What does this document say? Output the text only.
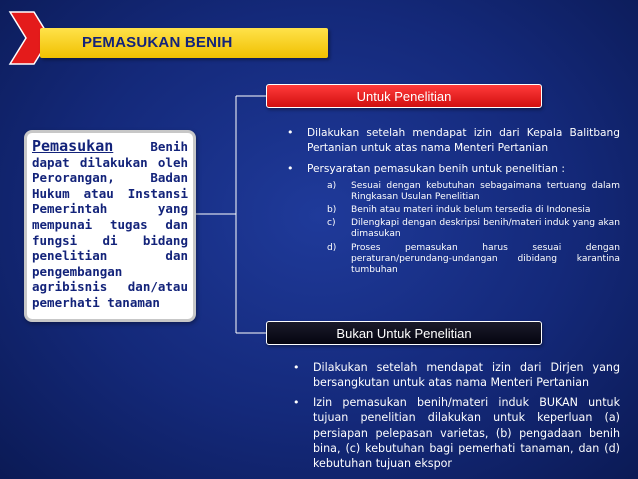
PEMASUKAN BENIH
Pemasukan Benih dapat dilakukan oleh Perorangan, Badan Hukum atau Instansi Pemerintah yang mempunai tugas dan fungsi di bidang penelitian dan pengembangan agribisnis dan/atau pemerhati tanaman
Untuk Penelitian
• Dilakukan setelah mendapat izin dari Kepala Balitbang Pertanian untuk atas nama Menteri Pertanian
• Persyaratan pemasukan benih untuk penelitian :
a) Sesuai dengan kebutuhan sebagaimana tertuang dalam Ringkasan Usulan Penelitian
b) Benih atau materi induk belum tersedia di Indonesia
c) Dilengkapi dengan deskripsi benih/materi induk yang akan dimasukan
d) Proses pemasukan harus sesuai dengan peraturan/perundang-undangan dibidang karantina tumbuhan
Bukan Untuk Penelitian
• Dilakukan setelah mendapat izin dari Dirjen yang bersangkutan untuk atas nama Menteri Pertanian
• Izin pemasukan benih/materi induk BUKAN untuk tujuan penelitian dilakukan untuk keperluan (a) persiapan pelepasan varietas, (b) pengadaan benih bina, (c) kebutuhan bagi pemerhati tanaman, dan (d) kebutuhan tujuan ekspor
